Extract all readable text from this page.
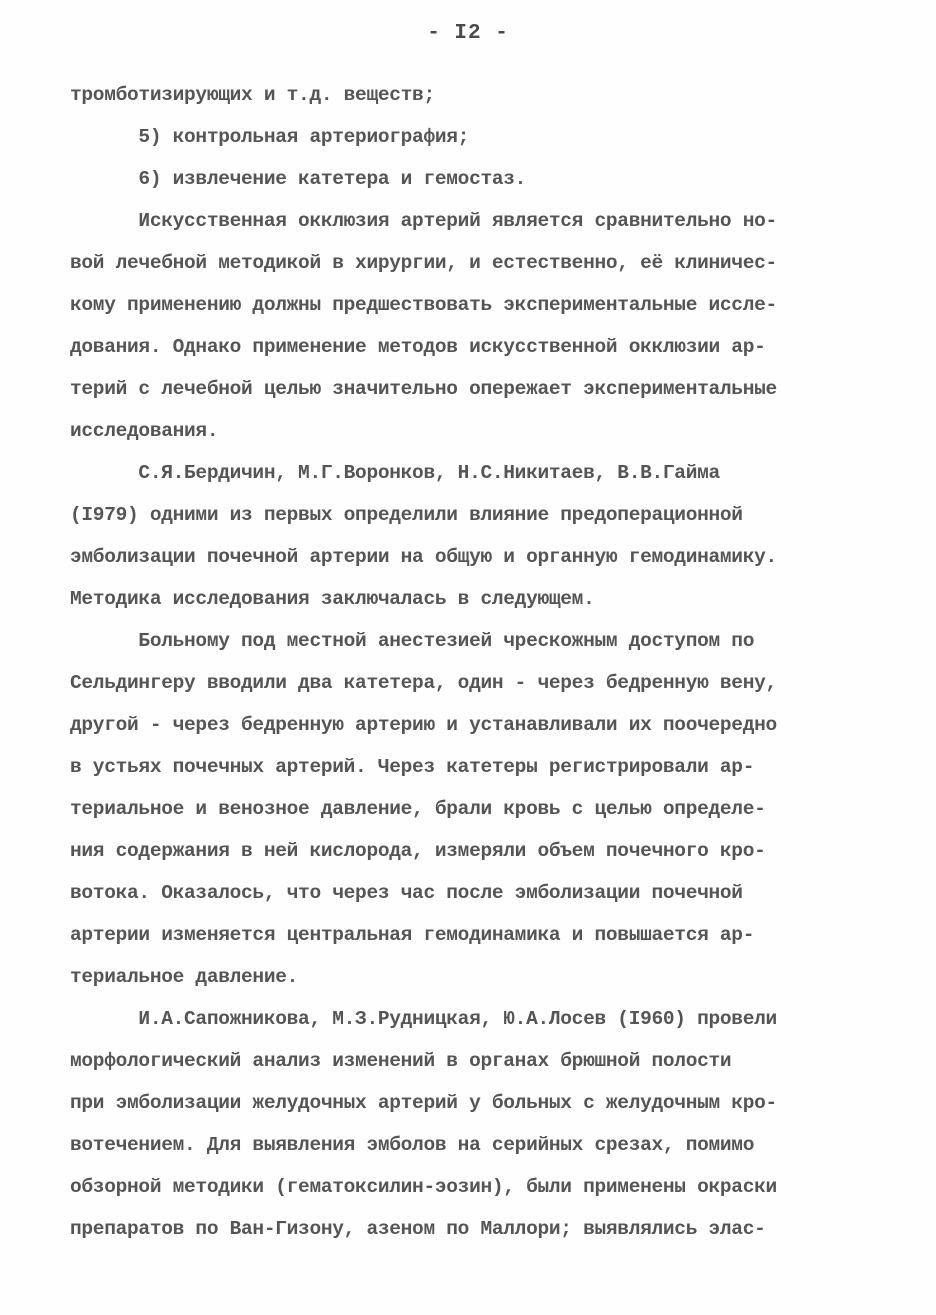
- I2 -
тромботизирующих и т.д. веществ;
5) контрольная артериография;
6) извлечение катетера и гемостаз.
Искусственная окклюзия артерий является сравнительно но-
вой лечебной методикой в хирургии, и естественно, её клиничес-
кому применению должны предшествовать экспериментальные иссле-
дования. Однако применение методов искусственной окклюзии ар-
терий с лечебной целью значительно опережает экспериментальные
исследования.
С.Я.Бердичин, М.Г.Воронков, Н.С.Никитаев, В.В.Гайма
(I979) одними из первых определили влияние предоперационной
эмболизации почечной артерии на общую и органную гемодинамику.
Методика исследования заключалась в следующем.
Больному под местной анестезией чрескожным доступом по
Сельдингеру вводили два катетера, один - через бедренную вену,
другой - через бедренную артерию и устанавливали их поочередно
в устьях почечных артерий. Через катетеры регистрировали ар-
териальное и венозное давление, брали кровь с целью определе-
ния содержания в ней кислорода, измеряли объем почечного кро-
вотока. Оказалось, что через час после эмболизации почечной
артерии изменяется центральная гемодинамика и повышается ар-
териальное давление.
И.А.Сапожникова, М.З.Рудницкая, Ю.А.Лосев (I960) провели
морфологический анализ изменений в органах брюшной полости
при эмболизации желудочных артерий у больных с желудочным кро-
вотечением. Для выявления эмболов на серийных срезах, помимо
обзорной методики (гематоксилин-эозин), были применены окраски
препаратов по Ван-Гизону, азеном по Маллори; выявлялись элас-
